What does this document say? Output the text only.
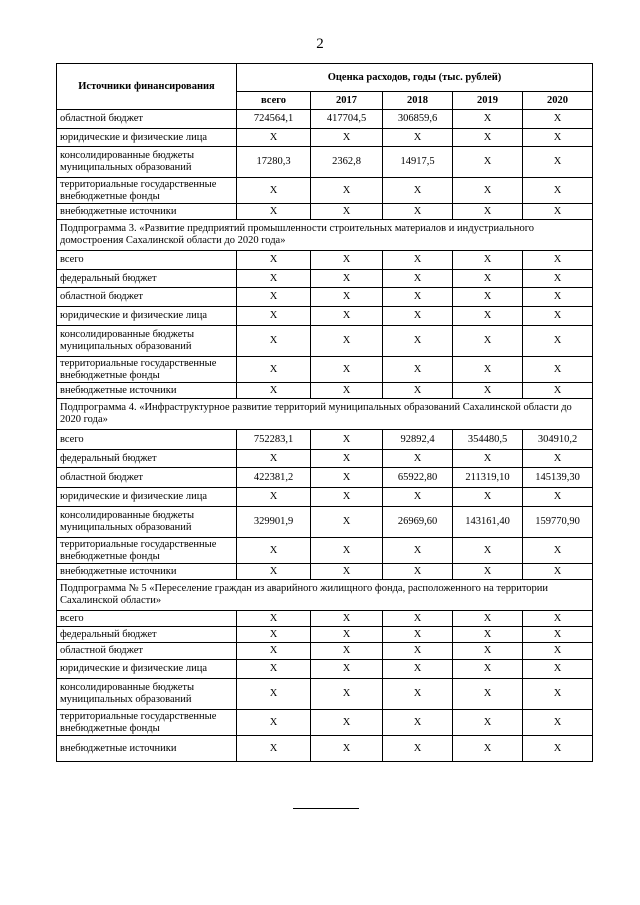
2
Источники финансирования	Оценка расходов, годы (тыс. рублей)				
	всего	2017	2018	2019	2020
областной бюджет	724564,1	417704,5	306859,6	Х	Х
юридические и физические лица	Х	Х	Х	Х	Х
консолидированные бюджеты муниципальных образований	17280,3	2362,8	14917,5	Х	Х
территориальные государственные внебюджетные фонды	Х	Х	Х	Х	Х
внебюджетные источники	Х	Х	Х	Х	Х
Подпрограмма 3. «Развитие предприятий промышленности строительных материалов и индустриального домостроения Сахалинской области до 2020 года»					
всего	Х	Х	Х	Х	Х
федеральный бюджет	Х	Х	Х	Х	Х
областной бюджет	Х	Х	Х	Х	Х
юридические и физические лица	Х	Х	Х	Х	Х
консолидированные бюджеты муниципальных образований	Х	Х	Х	Х	Х
территориальные государственные внебюджетные фонды	Х	Х	Х	Х	Х
внебюджетные источники	Х	Х	Х	Х	Х
Подпрограмма 4. «Инфраструктурное развитие территорий муниципальных образований Сахалинской области до 2020 года»					
всего	752283,1	Х	92892,4	354480,5	304910,2
федеральный бюджет	Х	Х	Х	Х	Х
областной бюджет	422381,2	Х	65922,80	211319,10	145139,30
юридические и физические лица	Х	Х	Х	Х	Х
консолидированные бюджеты муниципальных образований	329901,9	Х	26969,60	143161,40	159770,90
территориальные государственные внебюджетные фонды	Х	Х	Х	Х	Х
внебюджетные источники	Х	Х	Х	Х	Х
Подпрограмма № 5 «Переселение граждан из аварийного жилищного фонда, расположенного на территории Сахалинской области»					
всего	Х	Х	Х	Х	Х
федеральный бюджет	Х	Х	Х	Х	Х
областной бюджет	Х	Х	Х	Х	Х
юридические и физические лица	Х	Х	Х	Х	Х
консолидированные бюджеты муниципальных образований	Х	Х	Х	Х	Х
территориальные государственные внебюджетные фонды	Х	Х	Х	Х	Х
внебюджетные источники	Х	Х	Х	Х	Х
